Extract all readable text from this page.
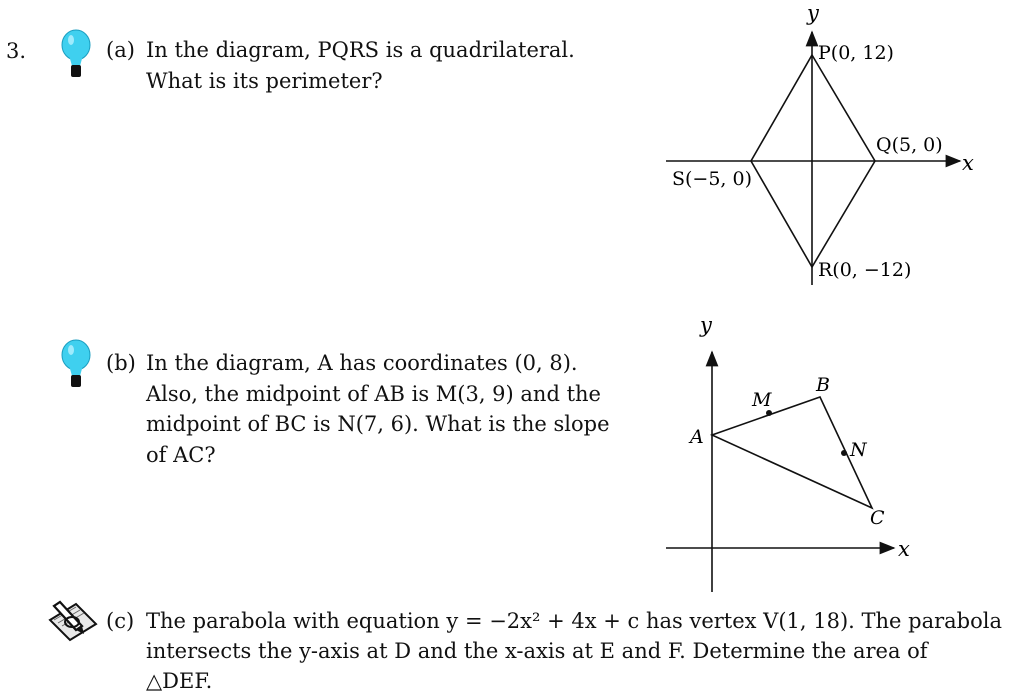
3.	(a) In the diagram, PQRS is a quadrilateral.
What is its perimeter?
y
x
P(0, 12)
Q(5, 0)
R(0, −12)
S(−5, 0)
(b) In the diagram, A has coordinates (0, 8).
Also, the midpoint of AB is M(3, 9) and the
midpoint of BC is N(7, 6). What is the slope
of AC?
y
x
A
B
C
M
N
(c) The parabola with equation y = −2x² + 4x + c has vertex V(1, 18). The parabola
intersects the y-axis at D and the x-axis at E and F. Determine the area of
△DEF.
